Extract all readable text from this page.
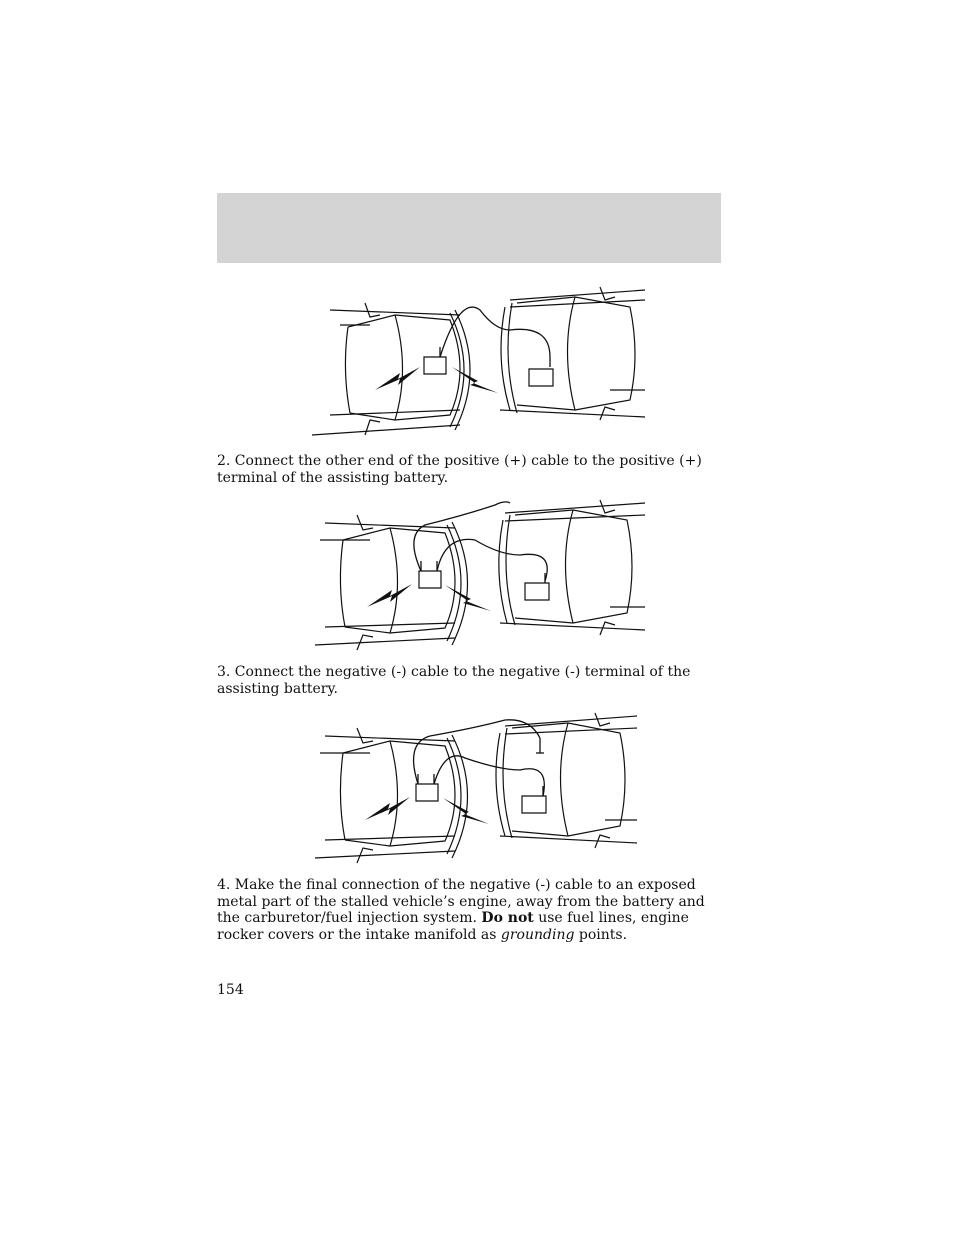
2. Connect the other end of the positive (+) cable to the positive (+) terminal of the assisting battery.

3. Connect the negative (-) cable to the negative (-) terminal of the assisting battery.

4. Make the final connection of the negative (-) cable to an exposed metal part of the stalled vehicle’s engine, away from the battery and the carburetor/fuel injection system. Do not use fuel lines, engine rocker covers or the intake manifold as grounding points.

154
